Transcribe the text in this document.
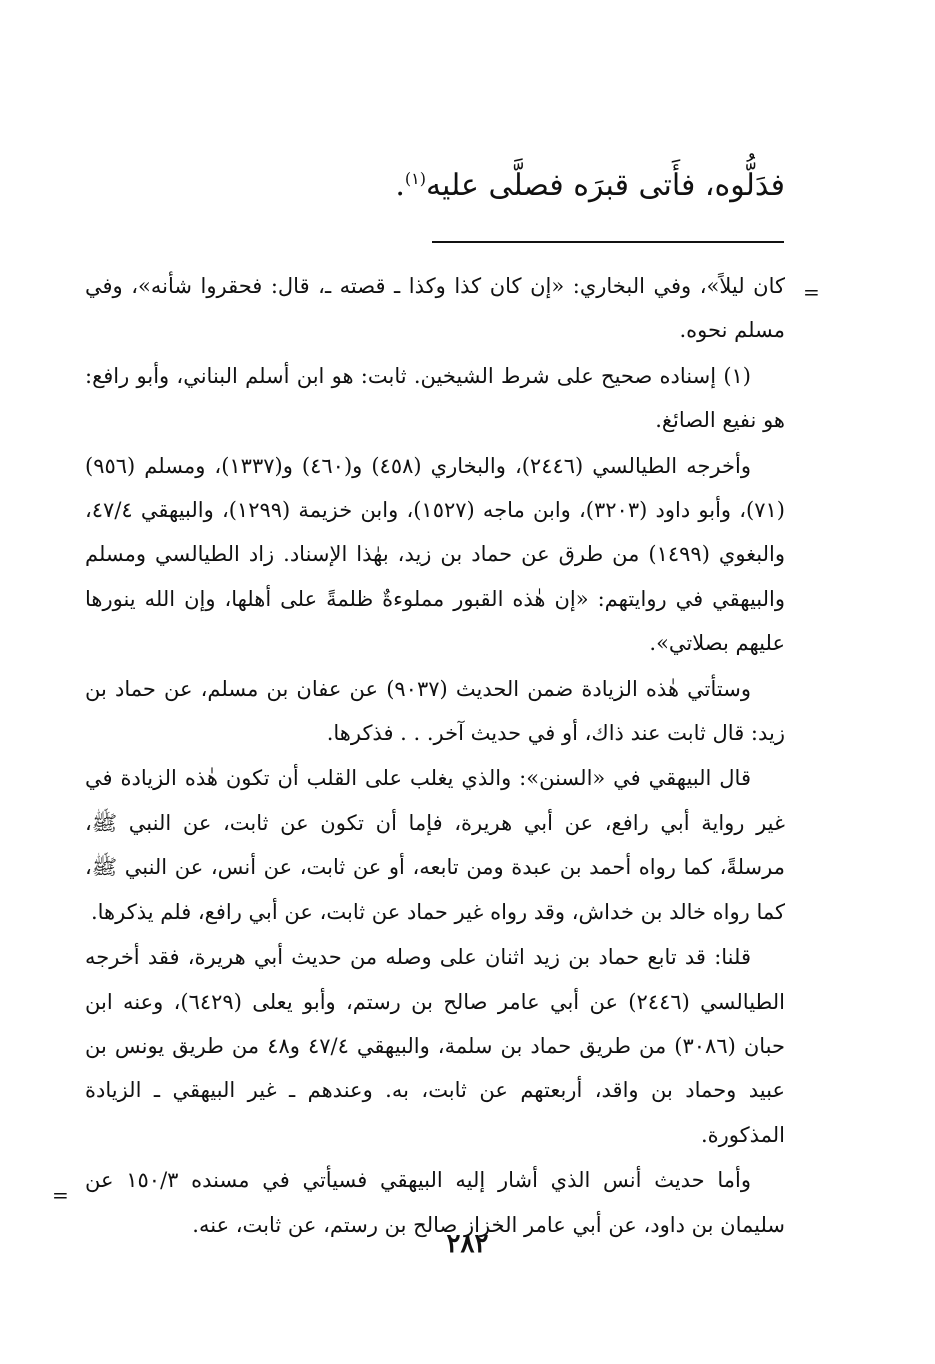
فدَلُّوه، فأَتى قبرَه فصلَّى عليه$^{(١)}$.
=

كان ليلاً»، وفي البخاري: «إن كان كذا وكذا ـ قصته ـ، قال: فحقروا شأنه»، وفي مسلم نحوه.

(١) إسناده صحيح على شرط الشيخين. ثابت: هو ابن أسلم البناني، وأبو رافع: هو نفيع الصائغ.

وأخرجه الطيالسي (٢٤٤٦)، والبخاري (٤٥٨) و(٤٦٠) و(١٣٣٧)، ومسلم (٩٥٦) (٧١)، وأبو داود (٣٢٠٣)، وابن ماجه (١٥٢٧)، وابن خزيمة (١٢٩٩)، والبيهقي ٤٧/٤، والبغوي (١٤٩٩) من طرق عن حماد بن زيد، بهٰذا الإسناد. زاد الطيالسي ومسلم والبيهقي في روايتهم: «إن هٰذه القبور مملوءةٌ ظلمةً على أهلها، وإن الله ينورها عليهم بصلاتي».

وستأتي هٰذه الزيادة ضمن الحديث (٩٠٣٧) عن عفان بن مسلم، عن حماد بن زيد: قال ثابت عند ذاك، أو في حديث آخر. . . فذكرها.

قال البيهقي في «السنن»: والذي يغلب على القلب أن تكون هٰذه الزيادة في غير رواية أبي رافع، عن أبي هريرة، فإما أن تكون عن ثابت، عن النبي ﷺ، مرسلةً، كما رواه أحمد بن عبدة ومن تابعه، أو عن ثابت، عن أنس، عن النبي ﷺ، كما رواه خالد بن خداش، وقد رواه غير حماد عن ثابت، عن أبي رافع، فلم يذكرها.

قلنا: قد تابع حماد بن زيد اثنان على وصله من حديث أبي هريرة، فقد أخرجه الطيالسي (٢٤٤٦) عن أبي عامر صالح بن رستم، وأبو يعلى (٦٤٢٩)، وعنه ابن حبان (٣٠٨٦) من طريق حماد بن سلمة، والبيهقي ٤٧/٤ و٤٨ من طريق يونس بن عبيد وحماد بن واقد، أربعتهم عن ثابت، به. وعندهم ـ غير البيهقي ـ الزيادة المذكورة.

وأما حديث أنس الذي أشار إليه البيهقي فسيأتي في مسنده ١٥٠/٣ عن سليمان بن داود، عن أبي عامر الخزاز صالح بن رستم، عن ثابت، عنه.

=
٢٨٢
